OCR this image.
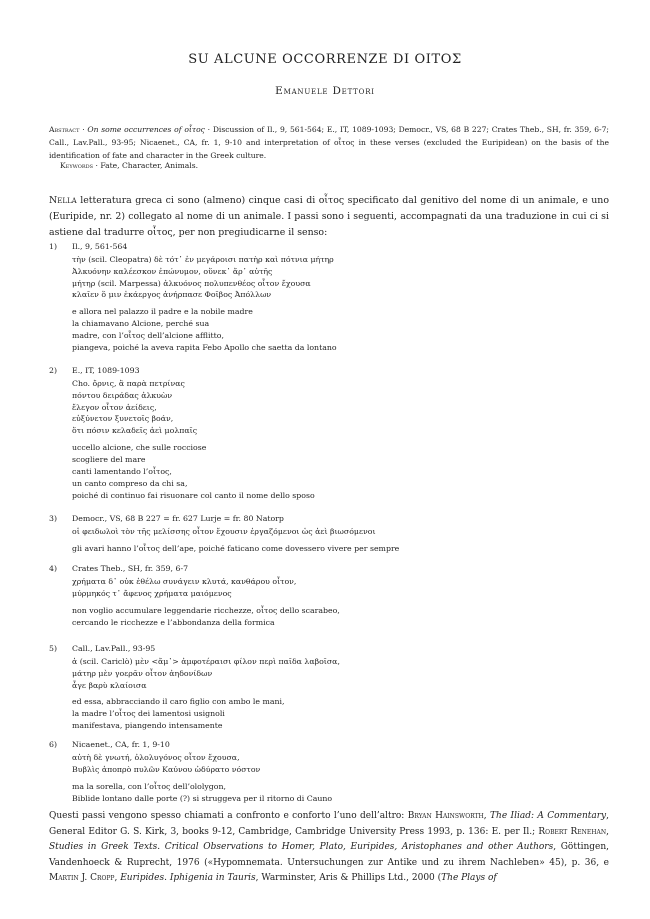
SU ALCUNE OCCORRENZE DI ΟΙΤΟΣ
Emanuele Dettori
Abstract · On some occurrences of οἶτος · Discussion of Il., 9, 561-564; E., IT, 1089-1093; Democr., VS, 68 B 227; Crates Theb., SH, fr. 359, 6-7; Call., Lav.Pall., 93-95; Nicaenet., CA, fr. 1, 9-10 and interpretation of οἶτος in these verses (excluded the Euripidean) on the basis of the identification of fate and character in the Greek culture.
Keywords · Fate, Character, Animals.
Nella letteratura greca ci sono (almeno) cinque casi di οἶτος specificato dal genitivo del nome di un animale, e uno (Euripide, nr. 2) collegato al nome di un animale. I passi sono i seguenti, accompagnati da una traduzione in cui ci si astiene dal tradurre οἶτος, per non pregiudicarne il senso:
1) Il., 9, 561-564
τὴν (scil. Cleopatra) δὲ τότ᾽ ἐν μεγάροισι πατὴρ καὶ πότνια μήτηρ
Ἀλκυόνην καλέεσκον ἐπώνυμον, οὕνεκ᾽ ἄρ᾽ αὐτῆς
μήτηρ (scil. Marpessa) ἀλκυόνος πολυπενθέος οἶτον ἔχουσα
κλαῖεν ὅ μιν ἑκάεργος ἀνήρπασε Φοῖβος Ἀπόλλων
e allora nel palazzo il padre e la nobile madre
la chiamavano Alcione, perché sua
madre, con l’οἶτος dell’alcione afflitto,
piangeva, poiché la aveva rapita Febo Apollo che saetta da lontano
2) E., IT, 1089-1093
Cho. ὄρνις, ἃ παρὰ πετρίνας
πόντου δειράδας ἀλκυὼν
ἔλεγον οἶτον ἀείδεις,
εὐξύνετον ξυνετοῖς βοάν,
ὅτι πόσιν κελαδεῖς ἀεὶ μολπαῖς
uccello alcione, che sulle rocciose
scogliere del mare
canti lamentando l’οἶτος,
un canto compreso da chi sa,
poiché di continuo fai risuonare col canto il nome dello sposo
3) Democr., VS, 68 B 227 = fr. 627 Lurje = fr. 80 Natorp
οἱ φειδωλοὶ τὸν τῆς μελίσσης οἶτον ἔχουσιν ἐργαζόμενοι ὡς ἀεὶ βιωσόμενοι
gli avari hanno l’οἶτος dell’ape, poiché faticano come dovessero vivere per sempre
4) Crates Theb., SH, fr. 359, 6-7
χρήματα δ᾽ οὐκ ἐθέλω συνάγειν κλυτά, κανθάρου οἶτον,
μύρμηκός τ᾽ ἄφενος χρήματα μαιόμενος
non voglio accumulare leggendarie ricchezze, οἶτος dello scarabeo,
cercando le ricchezze e l’abbondanza della formica
5) Call., Lav.Pall., 93-95
ἁ (scil. Cariclò) μὲν <ἄμ᾽> ἀμφοτέραισι φίλον περὶ παῖδα λαβοῖσα,
μάτηρ μὲν γοερᾶν οἶτον ἀηδονίδων
ἆγε βαρὺ κλαίοισα
ed essa, abbracciando il caro figlio con ambo le mani,
la madre l’οἶτος dei lamentosi usignoli
manifestava, piangendo intensamente
6) Nicaenet., CA, fr. 1, 9-10
αὐτὴ δὲ γνωτή, ὀλολυγόνος οἶτον ἔχουσα,
Βυβλὶς ἀποπρὸ πυλῶν Καύνου ὠδύρατο νόστον
ma la sorella, con l’οἶτος dell’ololygon,
Biblide lontano dalle porte (?) si struggeva per il ritorno di Cauno
Questi passi vengono spesso chiamati a confronto e conforto l’uno dell’altro: Bryan Hainsworth, The Iliad: A Commentary, General Editor G. S. Kirk, 3, books 9-12, Cambridge, Cambridge University Press 1993, p. 136: E. per Il.; Robert Renehan, Studies in Greek Texts. Critical Observations to Homer, Plato, Euripides, Aristophanes and other Authors, Göttingen, Vandenhoeck & Ruprecht, 1976 («Hypomnemata. Untersuchungen zur Antike und zu ihrem Nachleben» 45), p. 36, e Martin J. Cropp, Euripides. Iphigenia in Tauris, Warminster, Aris & Phillips Ltd., 2000 (The Plays of
